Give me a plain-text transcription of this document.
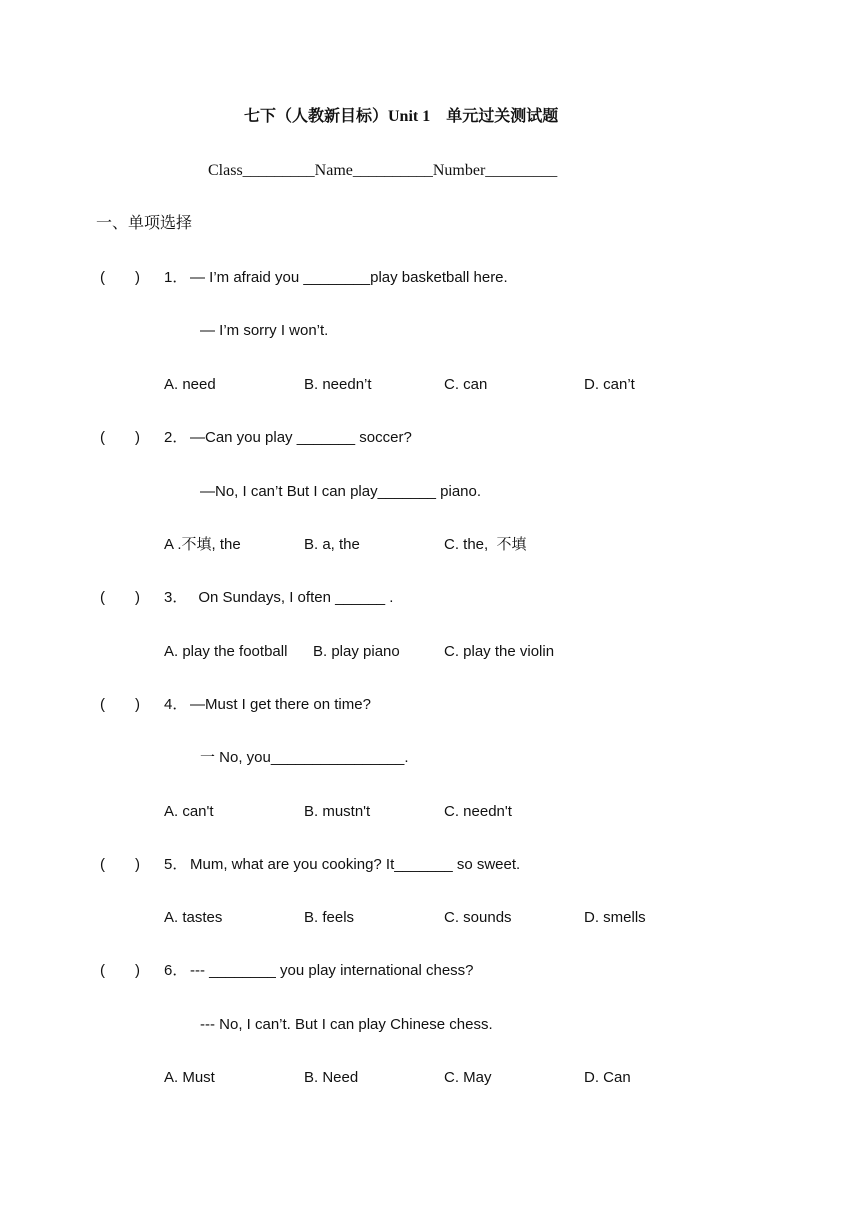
七下（人教新目标）Unit 1　单元过关测试题
Class_________Name__________Number_________
一、单项选择
(　　) 1． — I’m afraid you ________play basketball here.
— I’m sorry I won’t.
A. need	B. needn’t	C. can	D. can’t
(　　) 2． —Can you play _______ soccer?
—No, I can’t But I can play_______ piano.
A .不填, the	B. a, the	C. the,  不填
(　　) 3． On Sundays, I often ______ .
A. play the football B. play piano	C. play the violin
(　　) 4． —Must I get there on time?
一 No, you________________.
A. can't	B. mustn't	C. needn't
(　　) 5． Mum, what are you cooking? It_______ so sweet.
A. tastes	B. feels	C. sounds	D. smells
(　　) 6． --- ________ you play international chess?
--- No, I can’t. But I can play Chinese chess.
A. Must	B. Need	C. May	D. Can
